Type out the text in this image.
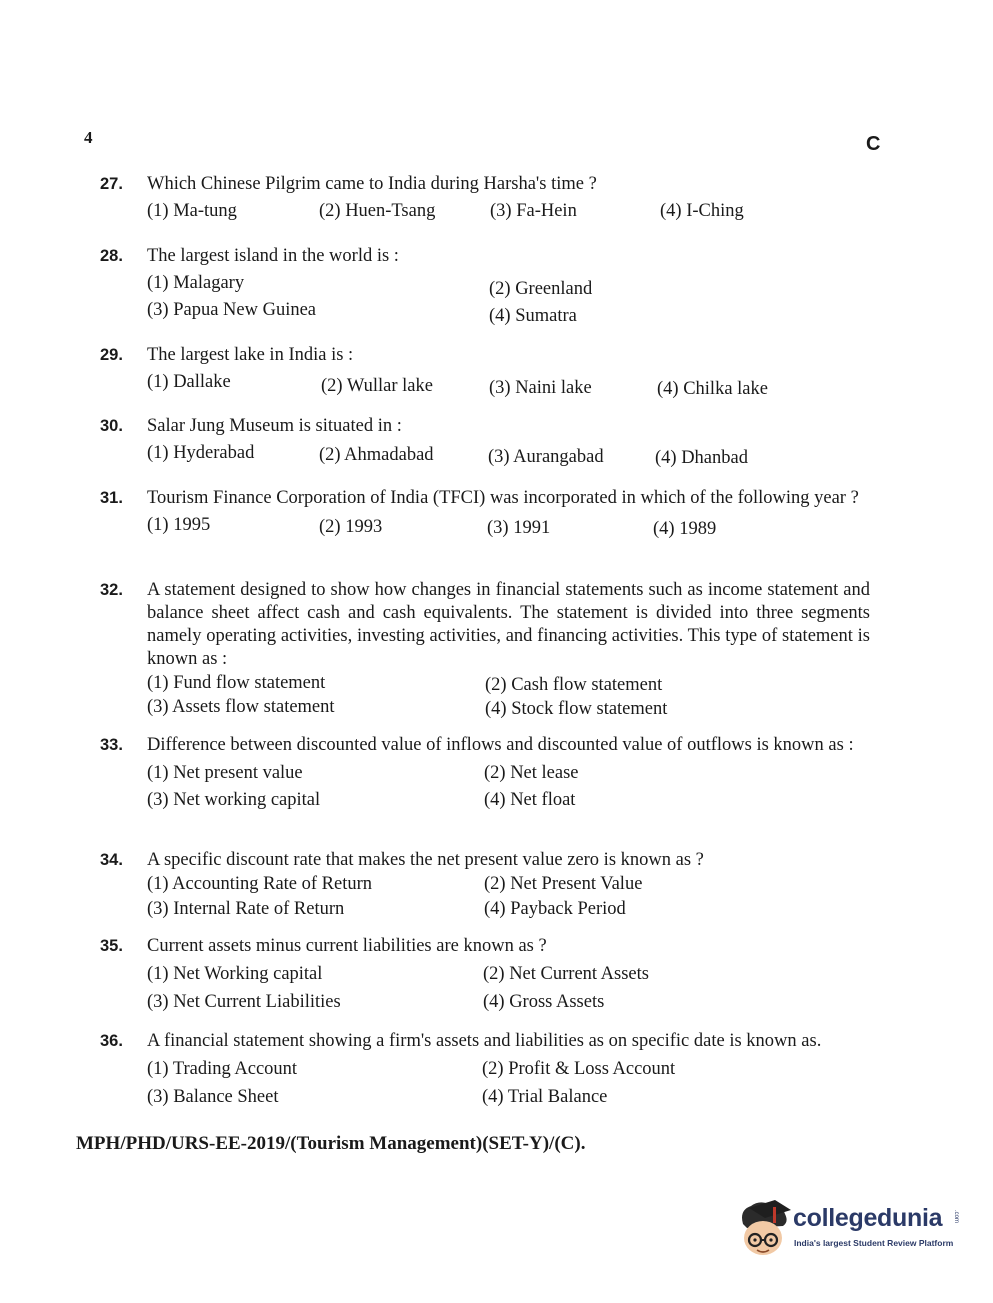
4	C
27. Which Chinese Pilgrim came to India during Harsha's time ?
(1) Ma-tung	(2) Huen-Tsang	(3) Fa-Hein	(4) I-Ching
28. The largest island in the world is :
(1) Malagary	(2) Greenland
(3) Papua New Guinea	(4) Sumatra
29. The largest lake in India is :
(1) Dallake	(2) Wullar lake	(3) Naini lake	(4) Chilka lake
30. Salar Jung Museum is situated in :
(1) Hyderabad	(2) Ahmadabad	(3) Aurangabad	(4) Dhanbad
31. Tourism Finance Corporation of India (TFCI) was incorporated in which of the following year ?
(1) 1995	(2) 1993	(3) 1991	(4) 1989
32. A statement designed to show how changes in financial statements such as income statement and balance sheet affect cash and cash equivalents. The statement is divided into three segments namely operating activities, investing activities, and financing activities. This type of statement is known as :
(1) Fund flow statement	(2) Cash flow statement
(3) Assets flow statement	(4) Stock flow statement
33. Difference between discounted value of inflows and discounted value of outflows is known as :
(1) Net present value	(2) Net lease
(3) Net working capital	(4) Net float
34. A specific discount rate that makes the net present value zero is known as ?
(1) Accounting Rate of Return	(2) Net Present Value
(3) Internal Rate of Return	(4) Payback Period
35. Current assets minus current liabilities are known as ?
(1) Net Working capital	(2) Net Current Assets
(3) Net Current Liabilities	(4) Gross Assets
36. A financial statement showing a firm's assets and liabilities as on specific date is known as.
(1) Trading Account	(2) Profit & Loss Account
(3) Balance Sheet	(4) Trial Balance
MPH/PHD/URS-EE-2019/(Tourism Management)(SET-Y)/(C).
collegedunia .com
India's largest Student Review Platform
